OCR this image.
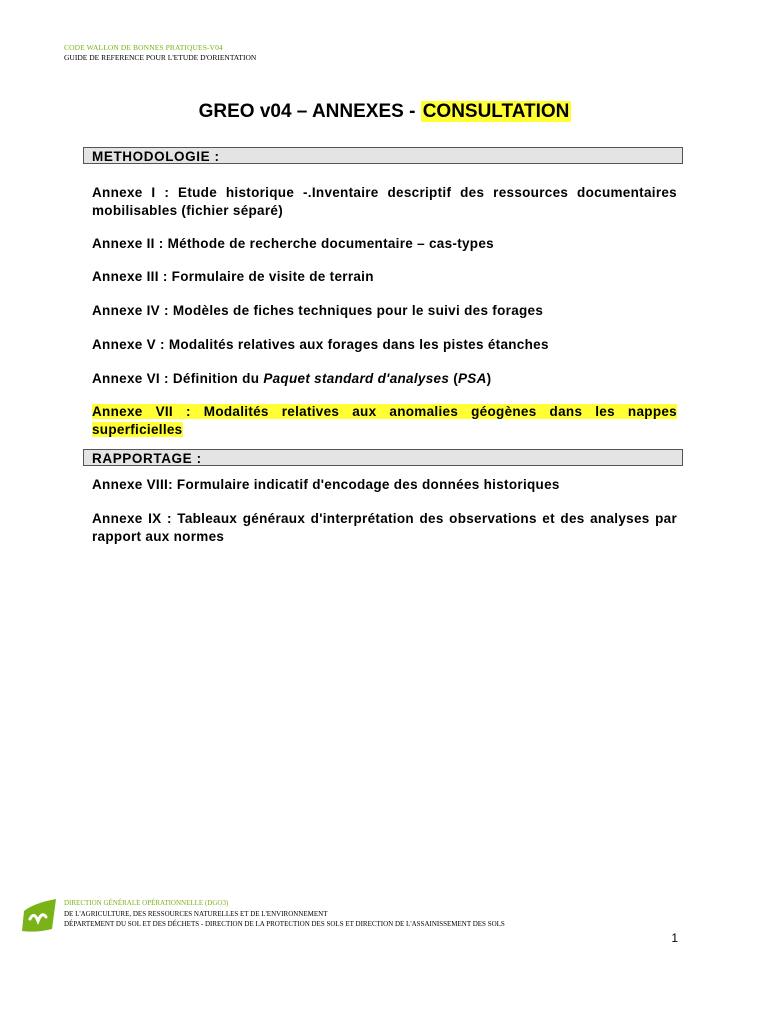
CODE WALLON DE BONNES PRATIQUES-V04
GUIDE DE REFERENCE POUR L'ETUDE D'ORIENTATION
GREO v04 – ANNEXES - CONSULTATION
METHODOLOGIE :
Annexe I : Etude historique -.Inventaire descriptif des ressources documentaires mobilisables (fichier séparé)
Annexe II : Méthode de recherche documentaire – cas-types
Annexe III : Formulaire de visite de terrain
Annexe IV : Modèles de fiches techniques pour le suivi des forages
Annexe V : Modalités relatives aux forages dans les pistes étanches
Annexe VI : Définition du Paquet standard d'analyses (PSA)
Annexe VII : Modalités relatives aux anomalies géogènes dans les nappes superficielles
RAPPORTAGE :
Annexe VIII: Formulaire indicatif d'encodage des données historiques
Annexe IX : Tableaux généraux d'interprétation des observations et des analyses par rapport aux normes
DIRECTION GÉNÉRALE OPÉRATIONNELLE (DGO3)
DE L'AGRICULTURE, DES RESSOURCES NATURELLES ET DE L'ENVIRONNEMENT
DÉPARTEMENT DU SOL ET DES DÉCHETS - DIRECTION DE LA PROTECTION DES SOLS ET DIRECTION DE L'ASSAINISSEMENT DES SOLS
1
